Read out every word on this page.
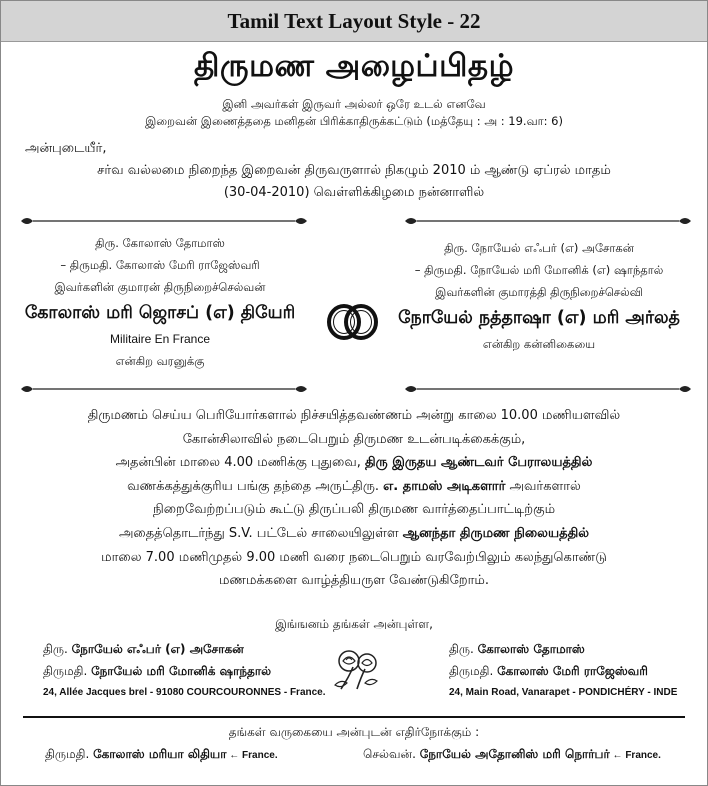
Tamil Text Layout Style - 22
திருமண அழைப்பிதழ்
இனி அவர்கள் இருவர் அல்லர் ஒரே உடல் எனவே
இறைவன் இணைத்ததை மனிதன் பிரிக்காதிருக்கட்டும் (மத்தேயு : அ : 19.வா: 6)
அன்புடையீர்,
சர்வ வல்லமை நிறைந்த இறைவன் திருவருளால் நிகழும் 2010 ம் ஆண்டு ஏப்ரல் மாதம்
(30-04-2010) வெள்ளிக்கிழமை நன்னாளில்
திரு. கோலாஸ் தோமாஸ்
– திருமதி. கோலாஸ் மேரி ராஜேஸ்வரி
இவர்களின் குமாரன் திருநிறைச்செல்வன்
கோலாஸ் மரி ஜொசப் (எ) தியேரி
Militaire En France
என்கிற வரனுக்கு
திரு. நோயேல் எஃபர் (எ) அசோகன்
– திருமதி. நோயேல் மரி மோனிக் (எ) ஷாந்தால்
இவர்களின் குமாரத்தி திருநிறைச்செல்வி
நோயேல் நத்தாஷா (எ) மரி அர்லத்
என்கிற கன்னிகையை
திருமணம் செய்ய பெரியோர்களால் நிச்சயித்தவண்ணம் அன்று காலை 10.00 மணியளவில்
கோன்சிலாவில் நடைபெறும் திருமண உடன்படிக்கைக்கும்,
அதன்பின் மாலை 4.00 மணிக்கு புதுவை, திரு இருதய ஆண்டவர் பேராலயத்தில்
வணக்கத்துக்குரிய பங்கு தந்தை அருட்திரு. எ. தாமஸ் அடிகளார் அவர்களால்
நிறைவேற்றப்படும் கூட்டு திருப்பலி திருமண வார்த்தைப்பாட்டிற்கும்
அதைத்தொடர்ந்து S.V. பட்டேல் சாலையிலுள்ள ஆனந்தா திருமண நிலையத்தில்
மாலை 7.00 மணிமுதல் 9.00 மணி வரை நடைபெறும் வரவேற்பிலும் கலந்துகொண்டு
மணமக்களை வாழ்த்தியருள வேண்டுகிறோம்.
இங்ஙனம் தங்கள் அன்புள்ள,
திரு. நோயேல் எஃபர் (எ) அசோகன்
திருமதி. நோயேல் மரி மோனிக் ஷாந்தால்
24, Allée Jacques brel - 91080 COURCOURONNES - France.
திரு. கோலாஸ் தோமாஸ்
திருமதி. கோலாஸ் மேரி ராஜேஸ்வரி
24, Main Road, Vanarapet - PONDICHÉRY - INDE
தங்கள் வருகையை அன்புடன் எதிர்நோக்கும் :
திருமதி. கோலாஸ் மரியா லிதியா ← France.	செல்வன். நோயேல் அதோனிஸ் மரி நொர்பர் ← France.
